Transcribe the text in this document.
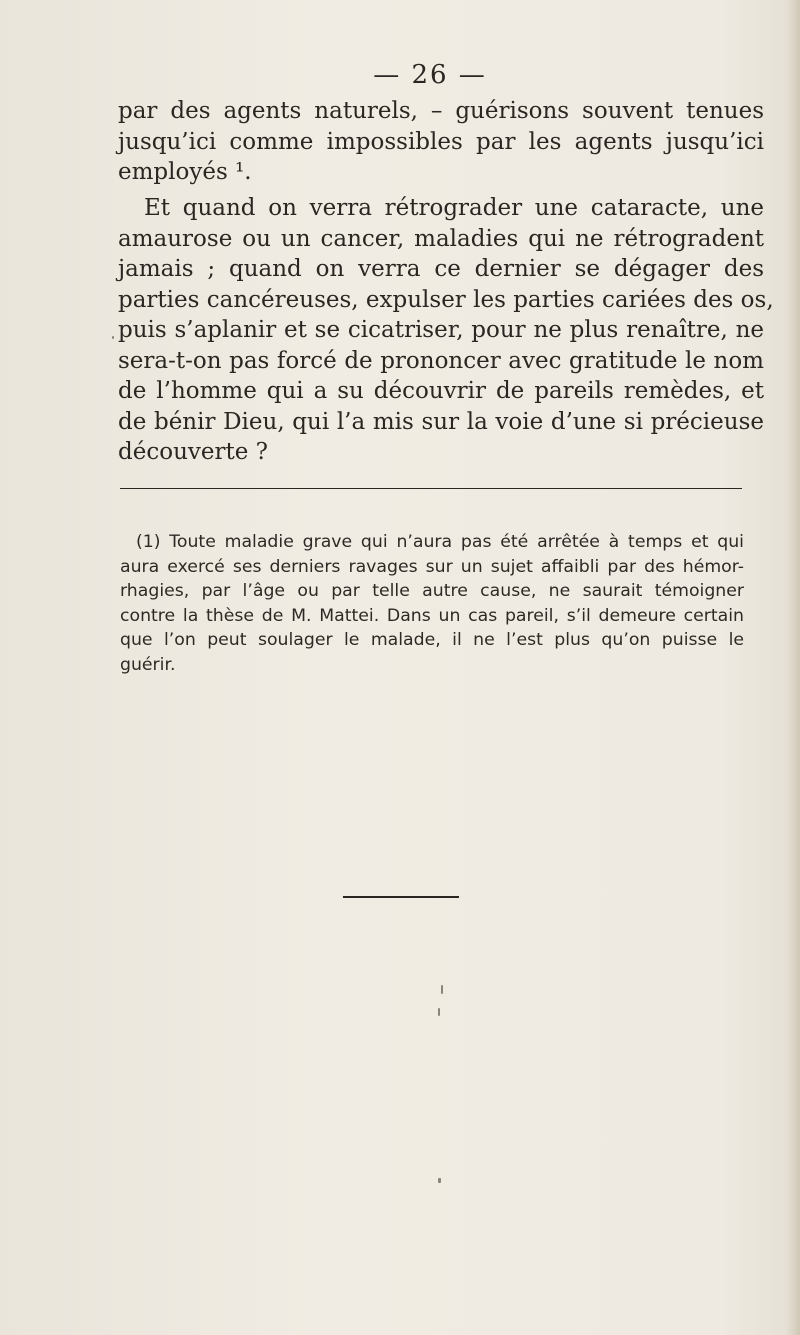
— 26 —
par des agents naturels, – guérisons souvent tenues
jusqu’ici comme impossibles par les agents jusqu’ici
employés ¹.
Et quand on verra rétrograder une cataracte, une
amaurose ou un cancer, maladies qui ne rétrogradent
jamais ; quand on verra ce dernier se dégager des
parties cancéreuses, expulser les parties cariées des os,
puis s’aplanir et se cicatriser, pour ne plus renaître, ne
sera-t-on pas forcé de prononcer avec gratitude le nom
de l’homme qui a su découvrir de pareils remèdes, et
de bénir Dieu, qui l’a mis sur la voie d’une si précieuse
découverte ?
(1) Toute maladie grave qui n’aura pas été arrêtée à temps et qui
aura exercé ses derniers ravages sur un sujet affaibli par des hémor-
rhagies, par l’âge ou par telle autre cause, ne saurait témoigner
contre la thèse de M. Mattei. Dans un cas pareil, s’il demeure certain
que l’on peut soulager le malade, il ne l’est plus qu’on puisse le
guérir.
